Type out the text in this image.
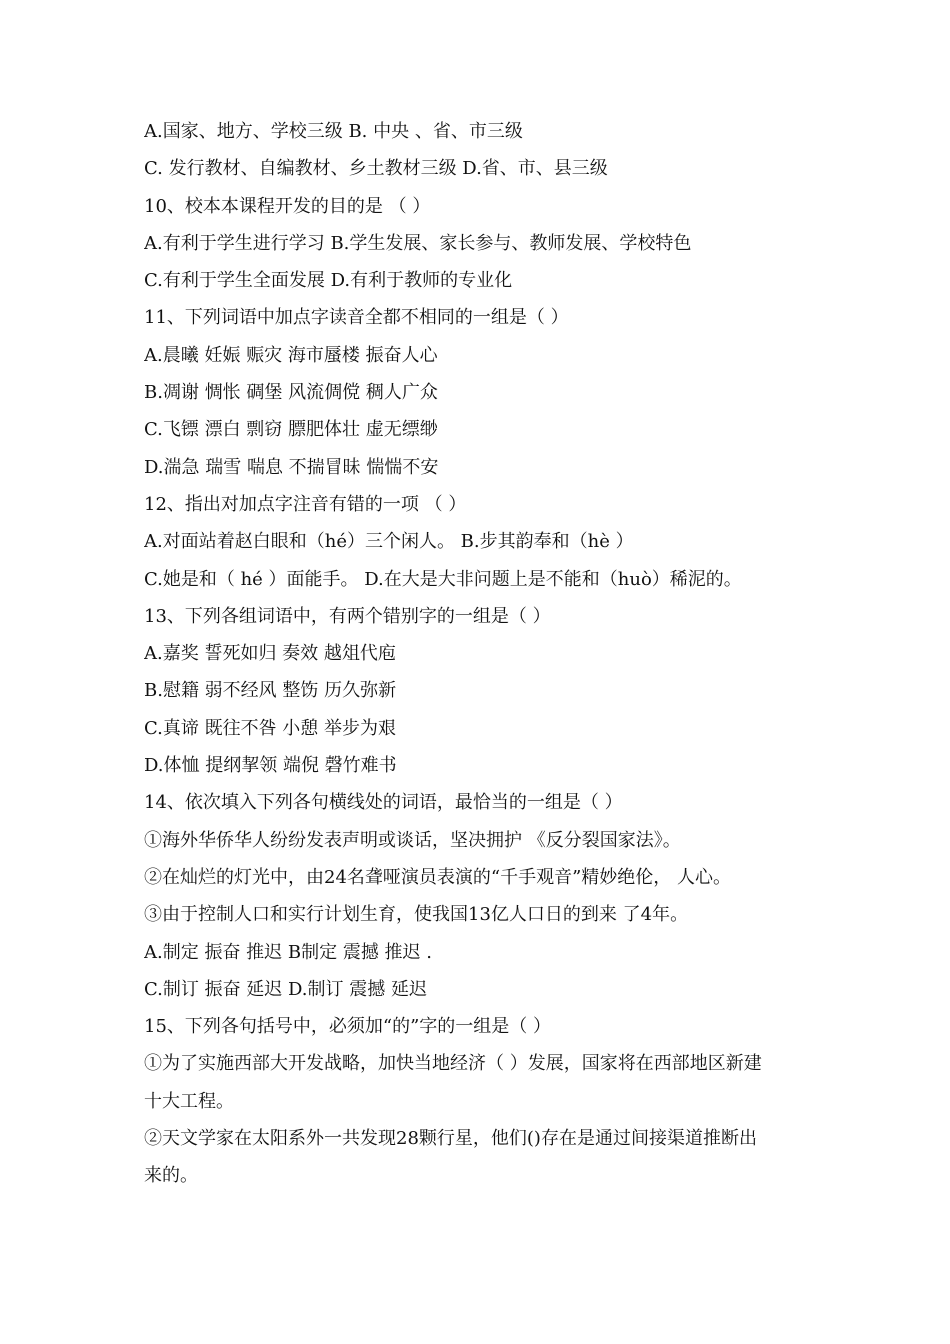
A.国家、地方、学校三级 B. 中央 、省、市三级
C. 发行教材、自编教材、乡土教材三级 D.省、市、县三级
10、校本本课程开发的目的是 （ ）
A.有利于学生进行学习 B.学生发展、家长参与、教师发展、学校特色
C.有利于学生全面发展 D.有利于教师的专业化
11、下列词语中加点字读音全都不相同的一组是（ ）
A.晨曦 妊娠 赈灾 海市蜃楼 振奋人心
B.凋谢 惆怅 碉堡 风流倜傥 稠人广众
C.飞镖 漂白 剽窃 膘肥体壮 虚无缥缈
D.湍急 瑞雪 喘息 不揣冒昧 惴惴不安
12、指出对加点字注音有错的一项 （ ）
A.对面站着赵白眼和（hé）三个闲人。 B.步其韵奉和（hè ）
C.她是和（ hé ）面能手。 D.在大是大非问题上是不能和（huò）稀泥的。
13、下列各组词语中，有两个错别字的一组是（ ）
A.嘉奖 誓死如归 奏效 越俎代庖
B.慰籍 弱不经风 整饬 历久弥新
C.真谛 既往不咎 小憩 举步为艰
D.体恤 提纲挈领 端倪 磬竹难书
14、依次填入下列各句横线处的词语，最恰当的一组是（ ）
①海外华侨华人纷纷发表声明或谈话，坚决拥护 《反分裂国家法》。
②在灿烂的灯光中，由24名聋哑演员表演的“千手观音”精妙绝伦， 人心。
③由于控制人口和实行计划生育，使我国13亿人口日的到来 了4年。
A.制定 振奋 推迟 B制定 震撼 推迟 .
C.制订 振奋 延迟 D.制订 震撼 延迟
15、下列各句括号中，必须加“的”字的一组是（ ）
①为了实施西部大开发战略，加快当地经济（ ）发展，国家将在西部地区新建
十大工程。
②天文学家在太阳系外一共发现28颗行星，他们()存在是通过间接渠道推断出
来的。
